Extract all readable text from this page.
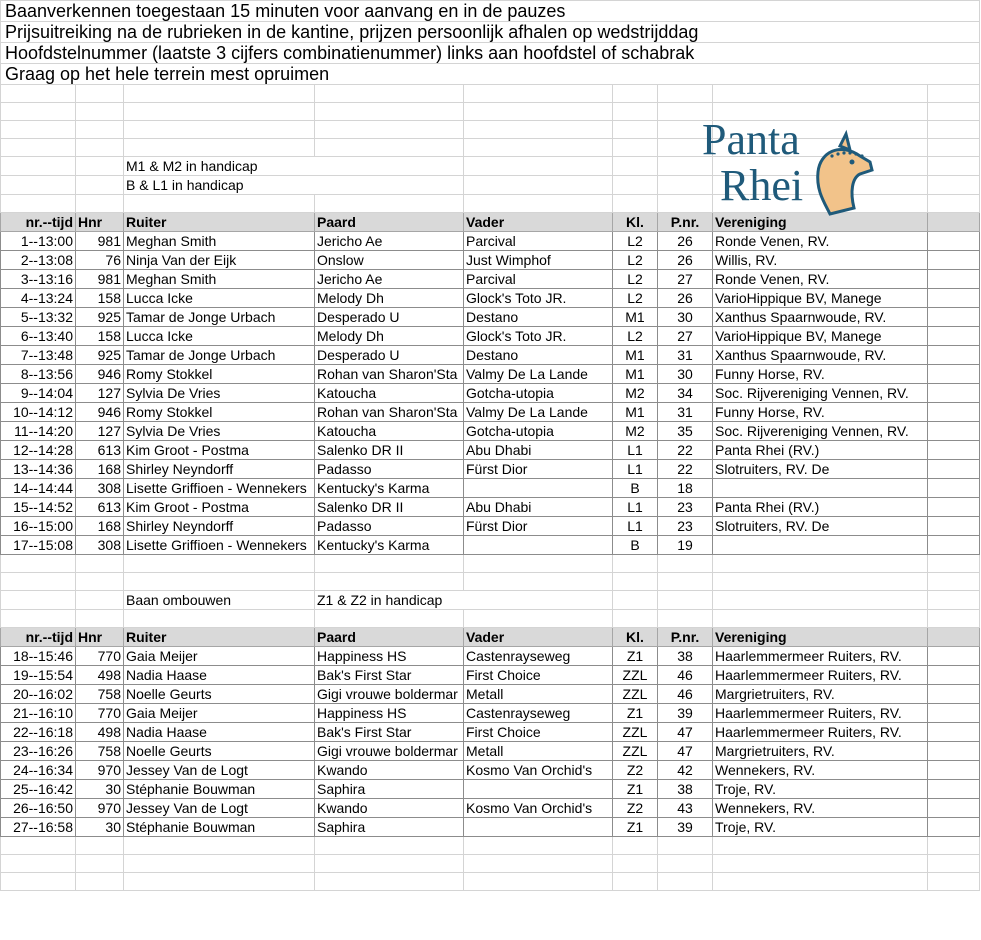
Baanverkennen toegestaan 15 minuten voor aanvang en in de pauzes								
Prijsuitreiking na de rubrieken in de kantine, prijzen persoonlijk afhalen op wedstrijddag								
Hoofdstelnummer (laatste 3 cijfers combinatienummer) links aan hoofdstel of schabrak								
Graag op het hele terrein mest opruimen								

		M1 & M2 in handicap						
		B & L1 in handicap						

nr.--tijd	Hnr	Ruiter	Paard	Vader	Kl.	P.nr.	Vereniging	
1--13:00	981	Meghan Smith	Jericho Ae	Parcival	L2	26	Ronde Venen, RV.	
2--13:08	76	Ninja Van der Eijk	Onslow	Just Wimphof	L2	26	Willis, RV.	
3--13:16	981	Meghan Smith	Jericho Ae	Parcival	L2	27	Ronde Venen, RV.	
4--13:24	158	Lucca Icke	Melody Dh	Glock's Toto JR.	L2	26	VarioHippique BV, Manege	
5--13:32	925	Tamar de Jonge Urbach	Desperado U	Destano	M1	30	Xanthus Spaarnwoude, RV.	
6--13:40	158	Lucca Icke	Melody Dh	Glock's Toto JR.	L2	27	VarioHippique BV, Manege	
7--13:48	925	Tamar de Jonge Urbach	Desperado U	Destano	M1	31	Xanthus Spaarnwoude, RV.	
8--13:56	946	Romy Stokkel	Rohan van Sharon'Sta	Valmy De La Lande	M1	30	Funny Horse, RV.	
9--14:04	127	Sylvia De Vries	Katoucha	Gotcha-utopia	M2	34	Soc. Rijvereniging Vennen, RV.	
10--14:12	946	Romy Stokkel	Rohan van Sharon'Sta	Valmy De La Lande	M1	31	Funny Horse, RV.	
11--14:20	127	Sylvia De Vries	Katoucha	Gotcha-utopia	M2	35	Soc. Rijvereniging Vennen, RV.	
12--14:28	613	Kim Groot - Postma	Salenko DR II	Abu Dhabi	L1	22	Panta Rhei (RV.)	
13--14:36	168	Shirley Neyndorff	Padasso	Fürst Dior	L1	22	Slotruiters, RV. De	
14--14:44	308	Lisette Griffioen - Wennekers	Kentucky's Karma		B	18		
15--14:52	613	Kim Groot - Postma	Salenko DR II	Abu Dhabi	L1	23	Panta Rhei (RV.)	
16--15:00	168	Shirley Neyndorff	Padasso	Fürst Dior	L1	23	Slotruiters, RV. De	
17--15:08	308	Lisette Griffioen - Wennekers	Kentucky's Karma		B	19		

		Baan ombouwen	Z1 & Z2 in handicap					

nr.--tijd	Hnr	Ruiter	Paard	Vader	Kl.	P.nr.	Vereniging	
18--15:46	770	Gaia Meijer	Happiness HS	Castenrayseweg	Z1	38	Haarlemmermeer Ruiters, RV.	
19--15:54	498	Nadia Haase	Bak's First Star	First Choice	ZZL	46	Haarlemmermeer Ruiters, RV.	
20--16:02	758	Noelle Geurts	Gigi vrouwe boldermar	Metall	ZZL	46	Margrietruiters, RV.	
21--16:10	770	Gaia Meijer	Happiness HS	Castenrayseweg	Z1	39	Haarlemmermeer Ruiters, RV.	
22--16:18	498	Nadia Haase	Bak's First Star	First Choice	ZZL	47	Haarlemmermeer Ruiters, RV.	
23--16:26	758	Noelle Geurts	Gigi vrouwe boldermar	Metall	ZZL	47	Margrietruiters, RV.	
24--16:34	970	Jessey Van de Logt	Kwando	Kosmo Van Orchid's	Z2	42	Wennekers, RV.	
25--16:42	30	Stéphanie Bouwman	Saphira		Z1	38	Troje, RV.	
26--16:50	970	Jessey Van de Logt	Kwando	Kosmo Van Orchid's	Z2	43	Wennekers, RV.	
27--16:58	30	Stéphanie Bouwman	Saphira		Z1	39	Troje, RV.	

Panta
Rhei
